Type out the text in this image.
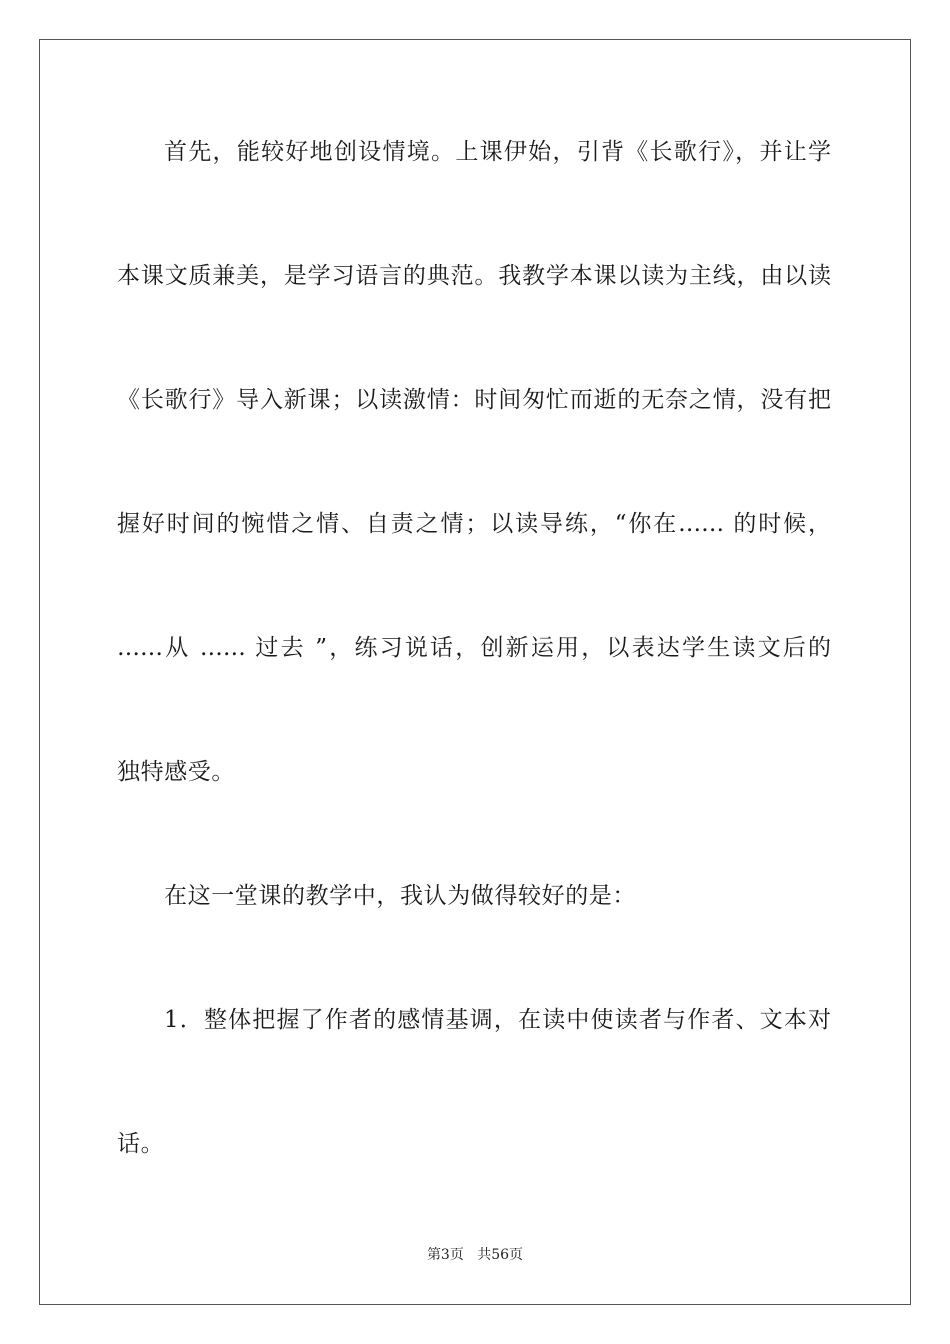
首先，能较好地创设情境。上课伊始，引背《长歌行》，并让学
本课文质兼美，是学习语言的典范。我教学本课以读为主线，由以读
《长歌行》导入新课；以读激情：时间匆忙而逝的无奈之情，没有把
握好时间的惋惜之情、自责之情；以读导练，“你在…… 的时候，
……从 …… 过去 ”，练习说话，创新运用，以表达学生读文后的
独特感受。
在这一堂课的教学中，我认为做得较好的是：
1．整体把握了作者的感情基调，在读中使读者与作者、文本对
话。
第3页 共56页
